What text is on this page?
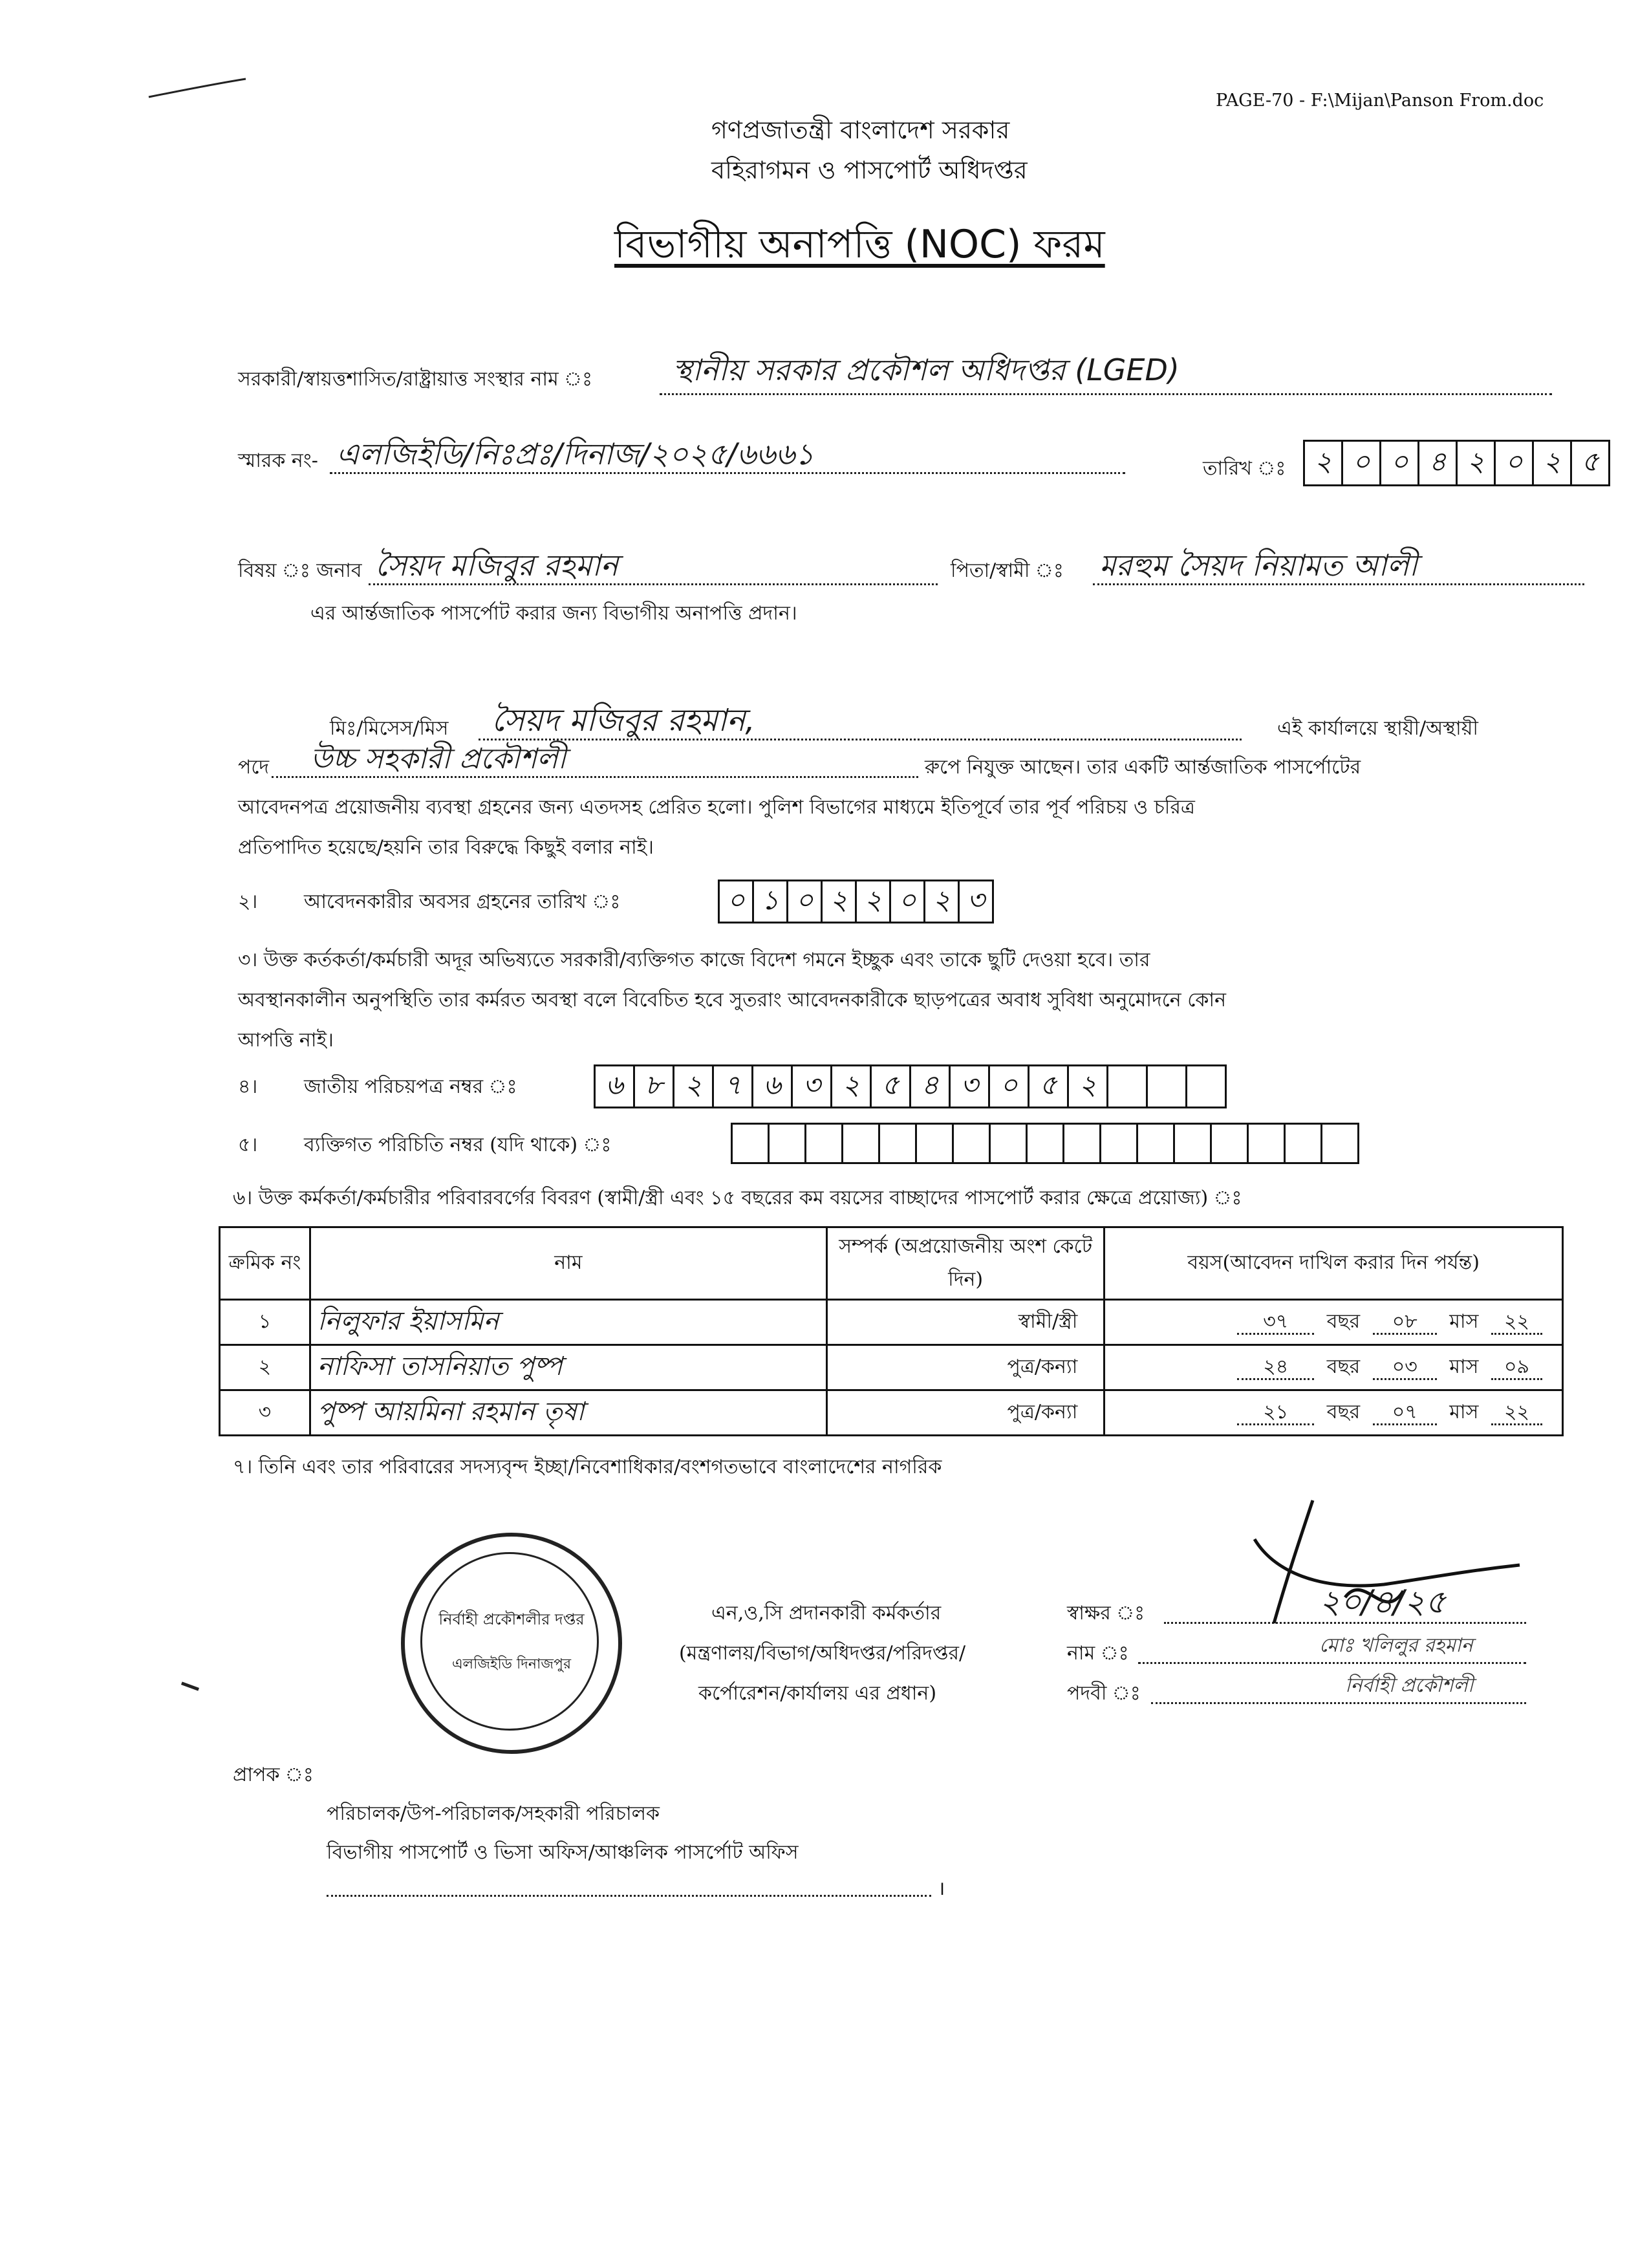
PAGE-70 - F:\Mijan\Panson From.doc
গণপ্রজাতন্ত্রী বাংলাদেশ সরকার
বহিরাগমন ও পাসপোর্ট অধিদপ্তর
বিভাগীয় অনাপত্তি (NOC) ফরম
সরকারী/স্বায়ত্তশাসিত/রাষ্ট্রায়াত্ত সংস্থার নাম ঃ	স্থানীয় সরকার প্রকৌশল অধিদপ্তর (LGED)
স্মারক নং- এলজিইডি/নিঃপ্রঃ/দিনাজ/২০২৫/৬৬৬১	তারিখ ঃ	২ ০ ০ ৪ ২ ০ ২ ৫
বিষয় ঃ জনাব সৈয়দ মজিবুর রহমান	পিতা/স্বামী ঃ মরহুম সৈয়দ নিয়ামত আলী
এর আর্ন্তজাতিক পাসর্পোট করার জন্য বিভাগীয় অনাপত্তি প্রদান।
মিঃ/মিসেস/মিস সৈয়দ মজিবুর রহমান,	এই কার্যালয়ে স্থায়ী/অস্থায়ী
পদে উচ্চ সহকারী প্রকৌশলী	রুপে নিযুক্ত আছেন। তার একটি আর্ন্তজাতিক পাসর্পোটের
আবেদনপত্র প্রয়োজনীয় ব্যবস্থা গ্রহনের জন্য এতদসহ প্রেরিত হলো। পুলিশ বিভাগের মাধ্যমে ইতিপূর্বে তার পূর্ব পরিচয় ও চরিত্র
প্রতিপাদিত হয়েছে/হয়নি তার বিরুদ্ধে কিছুই বলার নাই।
২। আবেদনকারীর অবসর গ্রহনের তারিখ ঃ	০ ১ ০ ২ ২ ০ ২ ৩
৩। উক্ত কর্তকর্তা/কর্মচারী অদূর অভিষ্যতে সরকারী/ব্যক্তিগত কাজে বিদেশ গমনে ইচ্ছুক এবং তাকে ছুটি দেওয়া হবে। তার
অবস্থানকালীন অনুপস্থিতি তার কর্মরত অবস্থা বলে বিবেচিত হবে সুতরাং আবেদনকারীকে ছাড়পত্রের অবাধ সুবিধা অনুমোদনে কোন
আপত্তি নাই।
৪। জাতীয় পরিচয়পত্র নম্বর ঃ	৬ ৮ ২ ৭ ৬ ৩ ২ ৫ ৪ ৩ ০ ৫ ২
৫। ব্যক্তিগত পরিচিতি নম্বর (যদি থাকে) ঃ
৬। উক্ত কর্মকর্তা/কর্মচারীর পরিবারবর্গের বিবরণ (স্বামী/স্ত্রী এবং ১৫ বছরের কম বয়সের বাচ্ছাদের পাসপোর্ট করার ক্ষেত্রে প্রয়োজ্য) ঃ
ক্রমিক নং	নাম	সম্পর্ক (অপ্রয়োজনীয় অংশ কেটে দিন)	বয়স(আবেদন দাখিল করার দিন পর্যন্ত)
১	নিলুফার ইয়াসমিন	স্বামী/স্ত্রী	৩৭ বছর ০৮ মাস ২২
২	নাফিসা তাসনিয়াত পুষ্প	পুত্র/কন্যা	২৪ বছর ০৩ মাস ০৯
৩	পুষ্প আয়মিনা রহমান তৃষা	পুত্র/কন্যা	২১ বছর ০৭ মাস ২২
৭। তিনি এবং তার পরিবারের সদস্যবৃন্দ ইচ্ছা/নিবেশাধিকার/বংশগতভাবে বাংলাদেশের নাগরিক
নির্বাহী প্রকৌশলীর দপ্তর
এলজিইডি দিনাজপুর
এন,ও,সি প্রদানকারী কর্মকর্তার
(মন্ত্রণালয়/বিভাগ/অধিদপ্তর/পরিদপ্তর/
কর্পোরেশন/কার্যালয় এর প্রধান)
স্বাক্ষর ঃ
নাম ঃ
পদবী ঃ
২০/৪/২৫
মোঃ খলিলুর রহমান
নির্বাহী প্রকৌশলী
প্রাপক ঃ
পরিচালক/উপ-পরিচালক/সহকারী পরিচালক
বিভাগীয় পাসপোর্ট ও ভিসা অফিস/আঞ্চলিক পাসর্পোট অফিস
।
